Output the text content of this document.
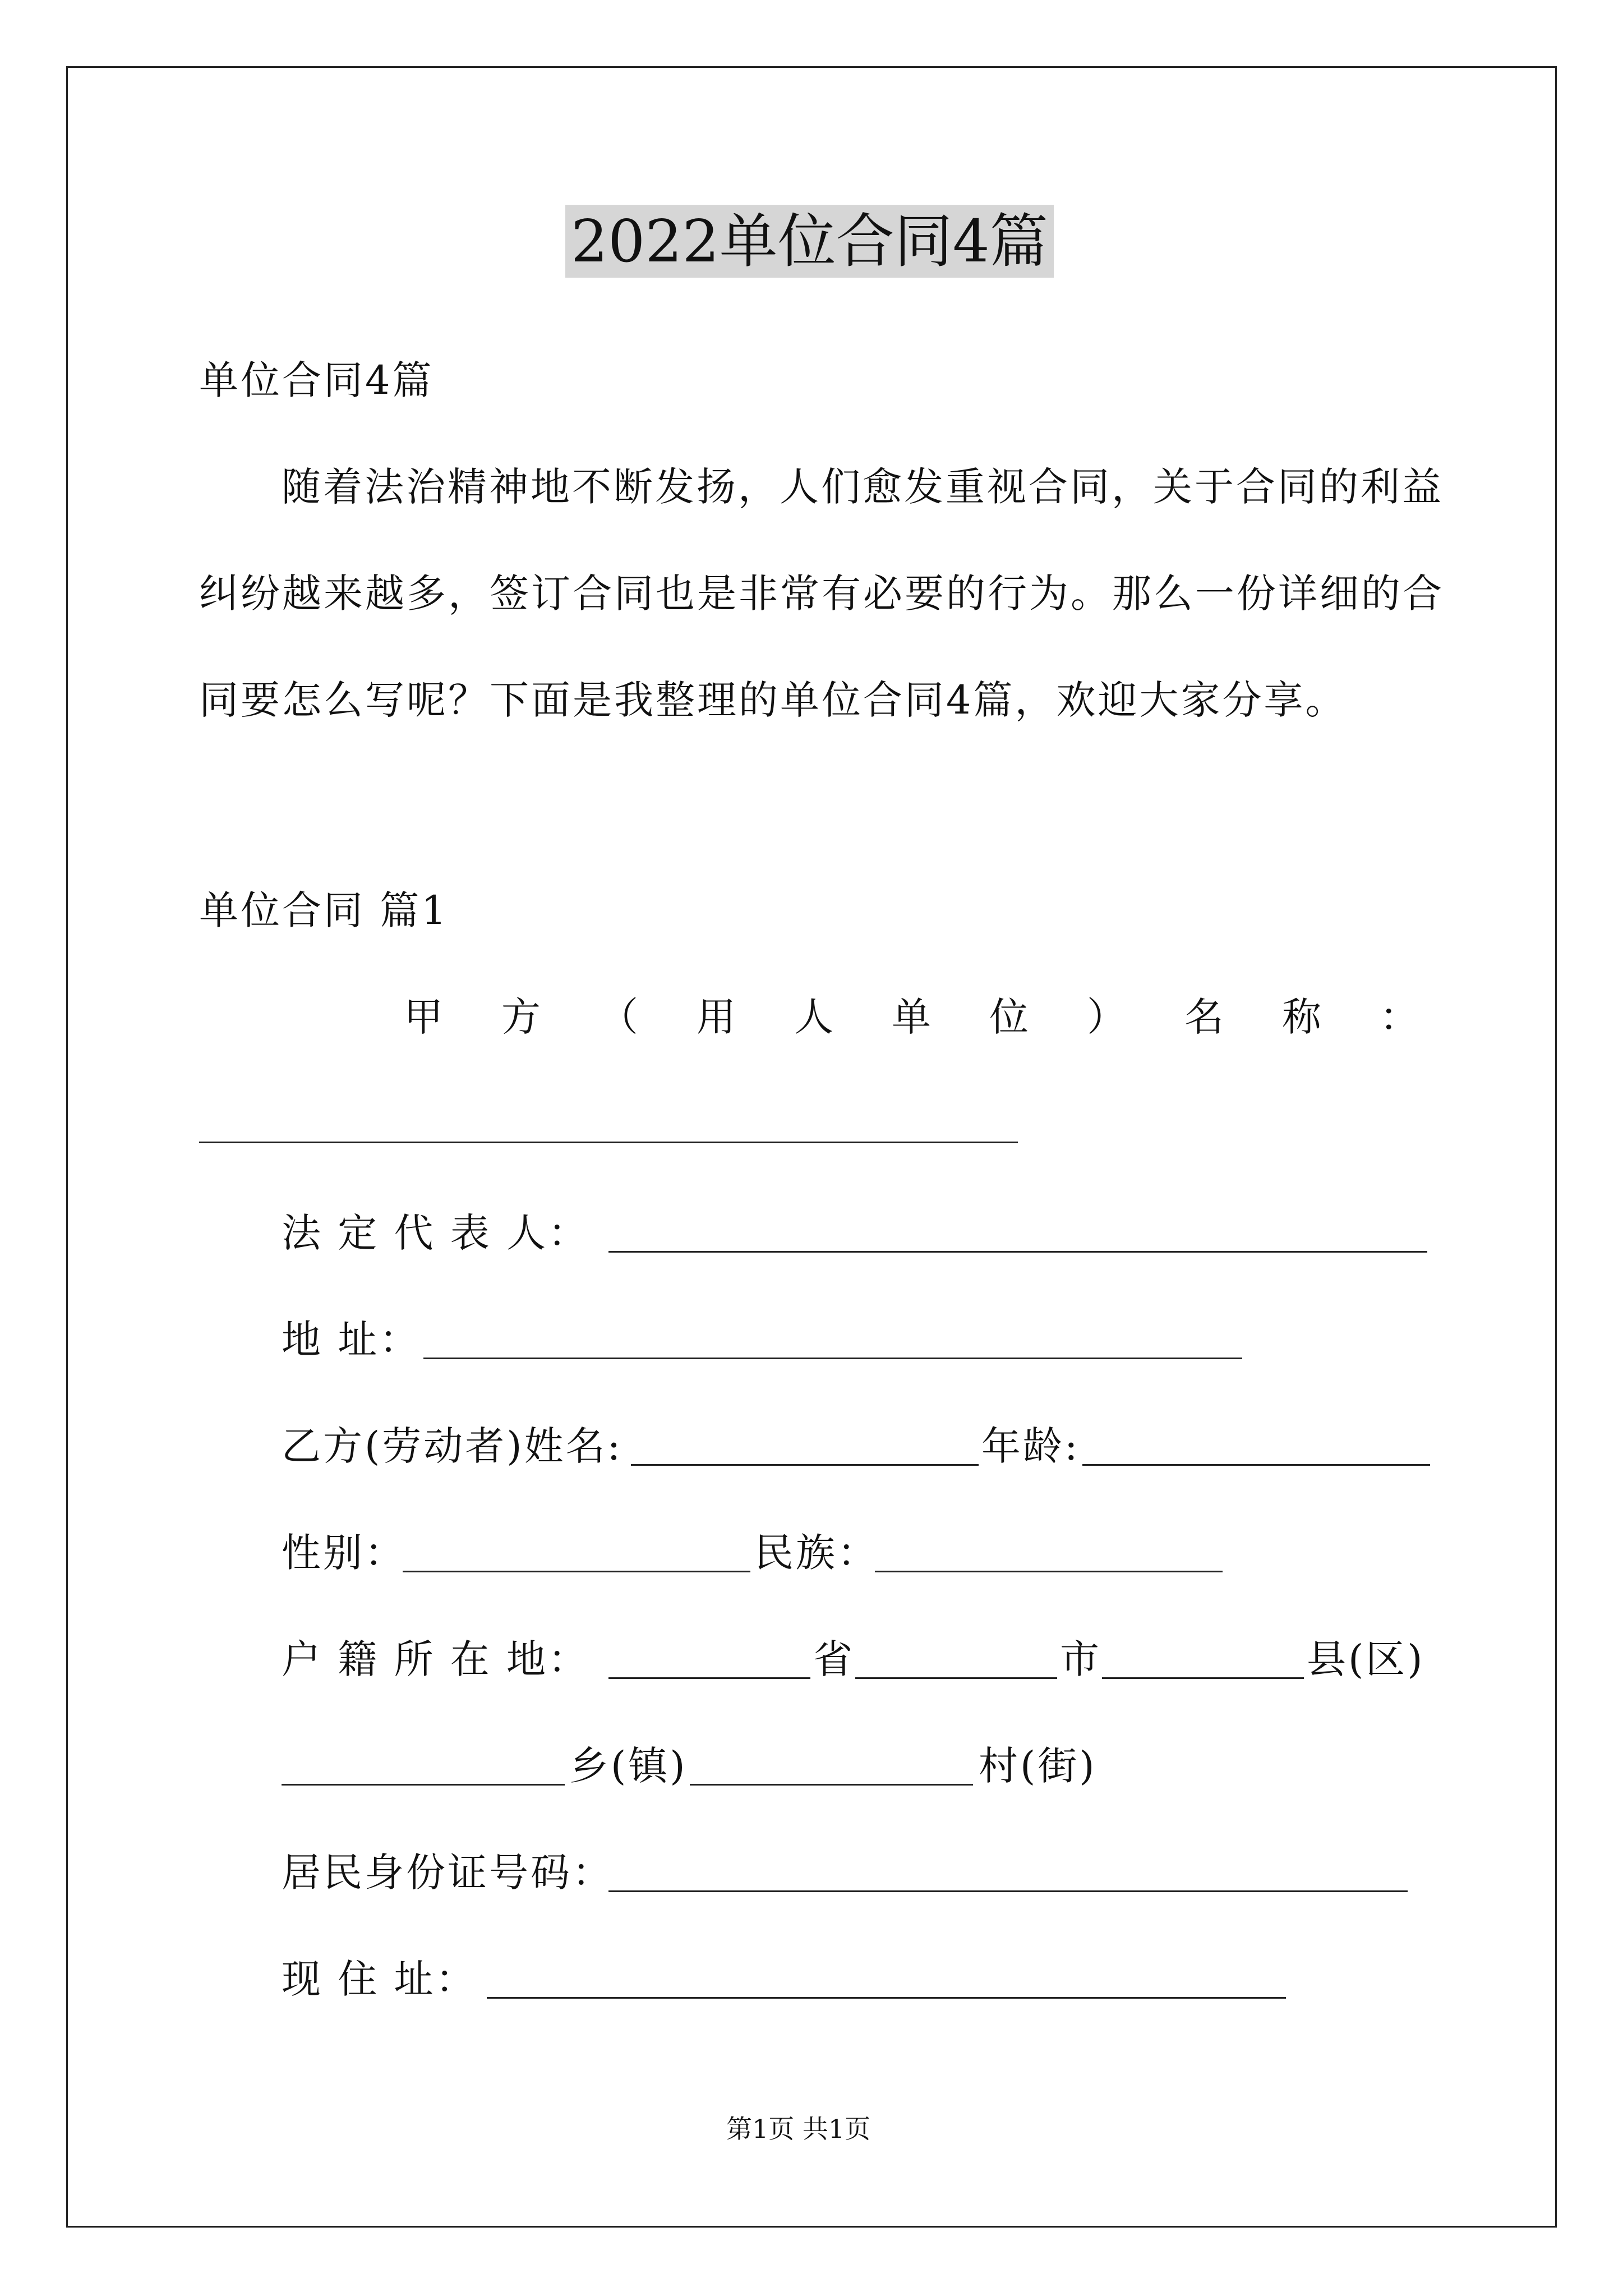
2022单位合同4篇
单位合同4篇
随着法治精神地不断发扬，人们愈发重视合同，关于合同的利益
纠纷越来越多，签订合同也是非常有必要的行为。那么一份详细的合
同要怎么写呢？下面是我整理的单位合同4篇，欢迎大家分享。
单位合同 篇1
甲 方 （ 用 人 单 位 ） 名 称 ：
法 定 代 表 人：
地 址：
乙方(劳动者)姓名:	年龄:
性别：	民族：
户 籍 所 在 地：	省	市	县(区)
乡(镇)	村(街)
居民身份证号码：
现 住 址：
第1页 共1页
